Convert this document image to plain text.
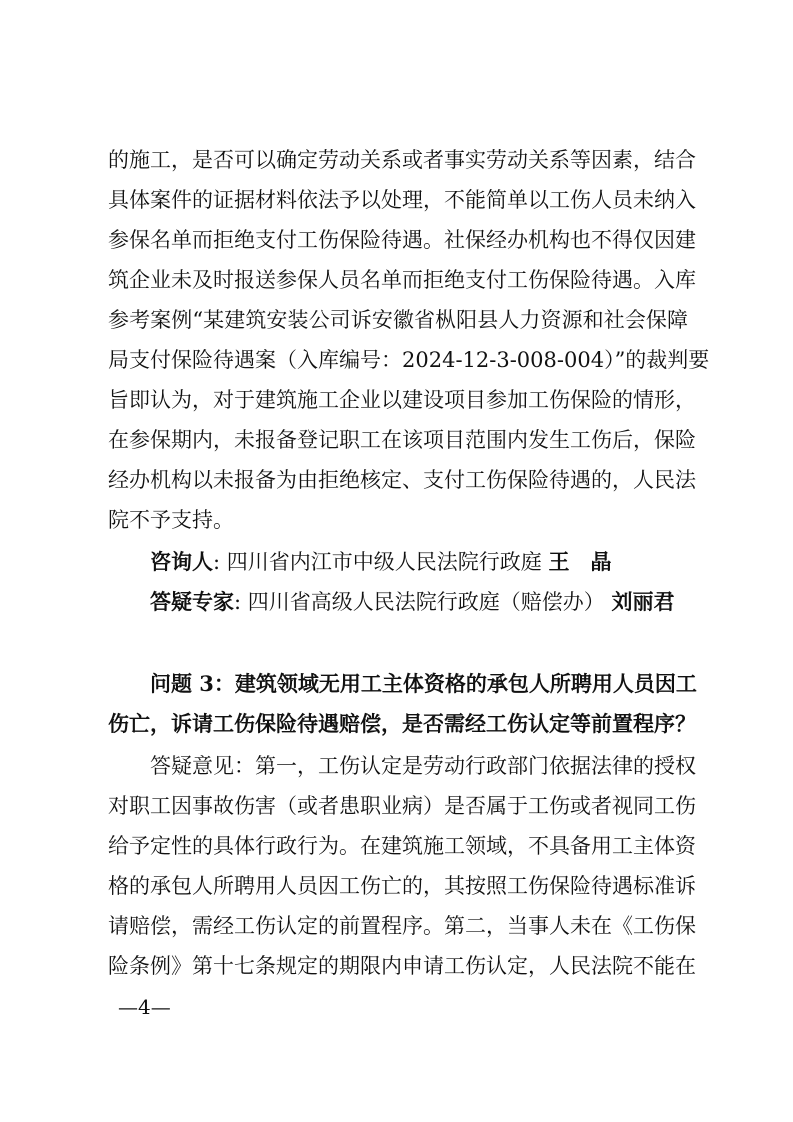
的施工，是否可以确定劳动关系或者事实劳动关系等因素，结合
具体案件的证据材料依法予以处理，不能简单以工伤人员未纳入
参保名单而拒绝支付工伤保险待遇。社保经办机构也不得仅因建
筑企业未及时报送参保人员名单而拒绝支付工伤保险待遇。入库
参考案例“某建筑安装公司诉安徽省枞阳县人力资源和社会保障
局支付保险待遇案（入库编号：2024-12-3-008-004）”的裁判要
旨即认为，对于建筑施工企业以建设项目参加工伤保险的情形，
在参保期内，未报备登记职工在该项目范围内发生工伤后，保险
经办机构以未报备为由拒绝核定、支付工伤保险待遇的，人民法
院不予支持。
咨询人: 四川省内江市中级人民法院行政庭 王　晶
答疑专家: 四川省高级人民法院行政庭（赔偿办） 刘丽君
问题 3：建筑领域无用工主体资格的承包人所聘用人员因工
伤亡，诉请工伤保险待遇赔偿，是否需经工伤认定等前置程序？
答疑意见：第一，工伤认定是劳动行政部门依据法律的授权
对职工因事故伤害（或者患职业病）是否属于工伤或者视同工伤
给予定性的具体行政行为。在建筑施工领域，不具备用工主体资
格的承包人所聘用人员因工伤亡的，其按照工伤保险待遇标准诉
请赔偿，需经工伤认定的前置程序。第二，当事人未在《工伤保
险条例》第十七条规定的期限内申请工伤认定，人民法院不能在
—4—
